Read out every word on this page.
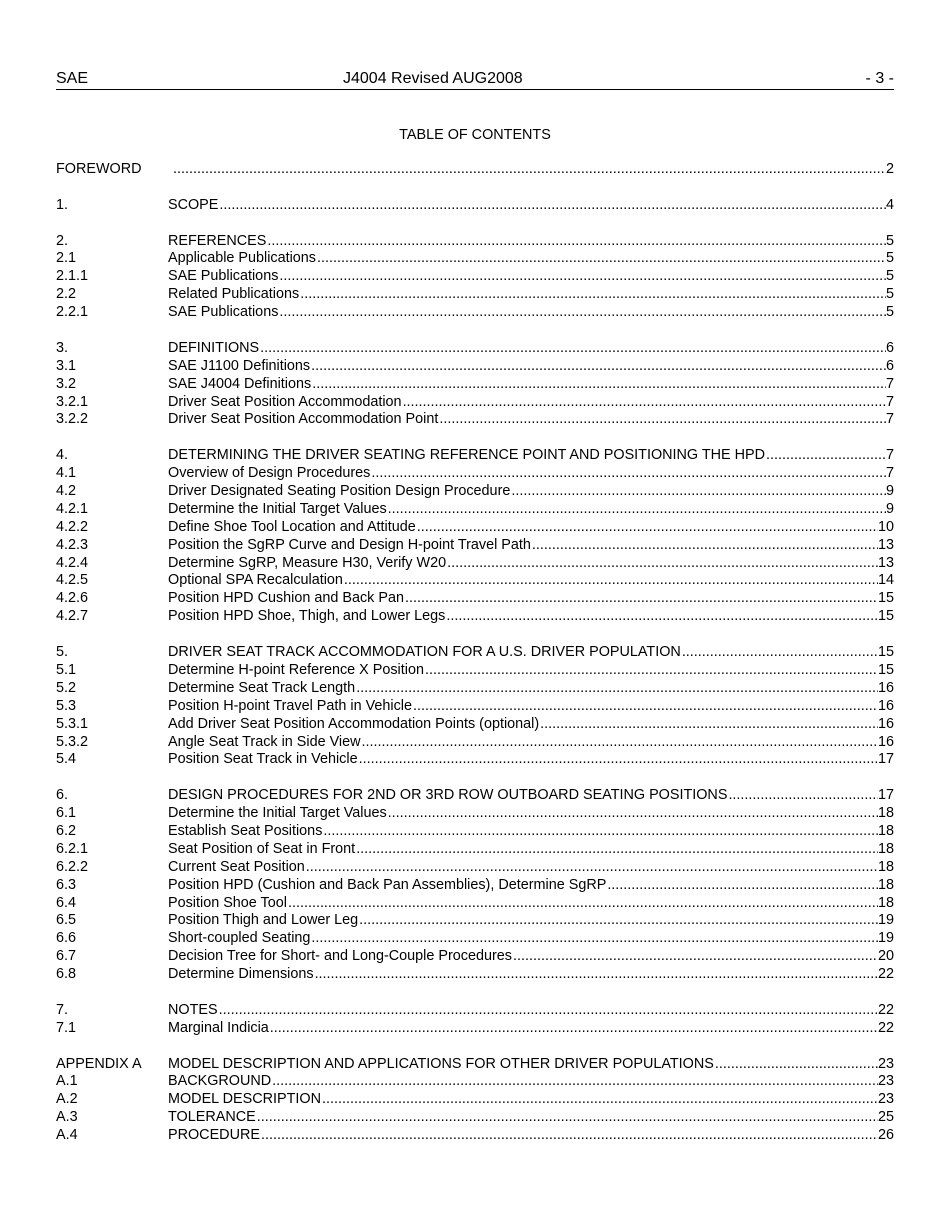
SAE	J4004 Revised AUG2008	- 3 -
TABLE OF CONTENTS
FOREWORD .....	2
1.	SCOPE .....	4
2.	REFERENCES .....	5
2.1	Applicable Publications .....	5
2.1.1	SAE Publications .....	5
2.2	Related Publications .....	5
2.2.1	SAE Publications .....	5
3.	DEFINITIONS .....	6
3.1	SAE J1100 Definitions .....	6
3.2	SAE J4004 Definitions .....	7
3.2.1	Driver Seat Position Accommodation .....	7
3.2.2	Driver Seat Position Accommodation Point .....	7
4.	DETERMINING THE DRIVER SEATING REFERENCE POINT AND POSITIONING THE HPD .....	7
4.1	Overview of Design Procedures .....	7
4.2	Driver Designated Seating Position Design Procedure .....	9
4.2.1	Determine the Initial Target Values .....	9
4.2.2	Define Shoe Tool Location and Attitude .....	10
4.2.3	Position the SgRP Curve and Design H-point Travel Path .....	13
4.2.4	Determine SgRP, Measure H30, Verify W20 .....	13
4.2.5	Optional SPA Recalculation .....	14
4.2.6	Position HPD Cushion and Back Pan .....	15
4.2.7	Position HPD Shoe, Thigh, and Lower Legs .....	15
5.	DRIVER SEAT TRACK ACCOMMODATION FOR A U.S. DRIVER POPULATION .....	15
5.1	Determine H-point Reference X Position .....	15
5.2	Determine Seat Track Length .....	16
5.3	Position H-point Travel Path in Vehicle .....	16
5.3.1	Add Driver Seat Position Accommodation Points (optional) .....	16
5.3.2	Angle Seat Track in Side View .....	16
5.4	Position Seat Track in Vehicle .....	17
6.	DESIGN PROCEDURES FOR 2ND OR 3RD ROW OUTBOARD SEATING POSITIONS .....	17
6.1	Determine the Initial Target Values .....	18
6.2	Establish Seat Positions .....	18
6.2.1	Seat Position of Seat in Front .....	18
6.2.2	Current Seat Position .....	18
6.3	Position HPD (Cushion and Back Pan Assemblies), Determine SgRP .....	18
6.4	Position Shoe Tool .....	18
6.5	Position Thigh and Lower Leg .....	19
6.6	Short-coupled Seating .....	19
6.7	Decision Tree for Short- and Long-Couple Procedures .....	20
6.8	Determine Dimensions .....	22
7.	NOTES .....	22
7.1	Marginal Indicia .....	22
APPENDIX A MODEL DESCRIPTION AND APPLICATIONS FOR OTHER DRIVER POPULATIONS .....	23
A.1	BACKGROUND .....	23
A.2	MODEL DESCRIPTION .....	23
A.3	TOLERANCE .....	25
A.4	PROCEDURE .....	26
